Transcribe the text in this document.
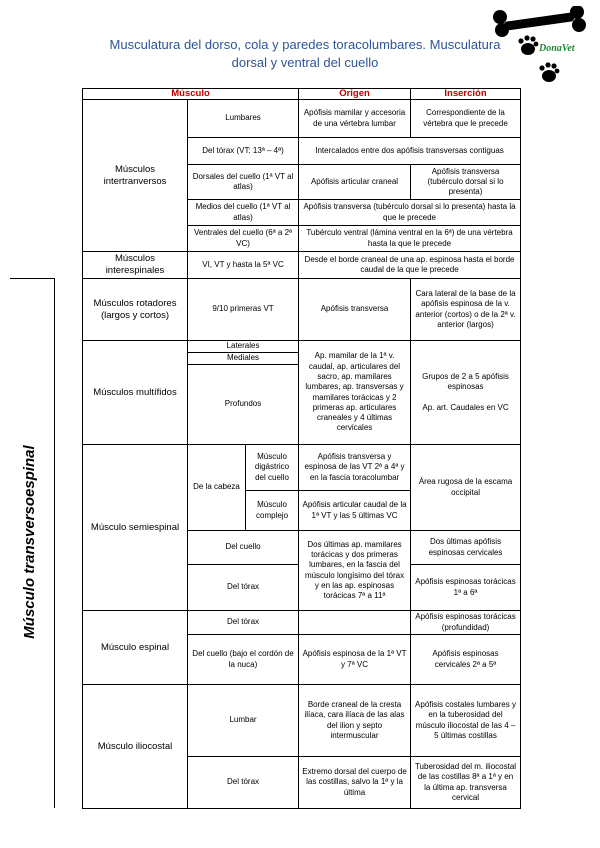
Musculatura del dorso, cola y paredes toracolumbares. Musculatura
dorsal y ventral del cuello
DonaVet
Músculo transversoespinal
Músculo			Origen	Inserción
Músculos intertranversos	Lumbares		Apófisis mamilar y accesoria de una vértebra lumbar	Correspondiente de la vértebra que le precede
	Del tórax (VT: 13ª – 4ª)		Intercalados entre dos apófisis transversas contiguas	
	Dorsales del cuello (1ª VT al atlas)		Apófisis articular craneal	Apófisis transversa (tubérculo dorsal si lo presenta)
	Medios del cuello (1ª VT al atlas)		Apófisis transversa (tubérculo dorsal si lo presenta) hasta la que le precede	
	Ventrales del cuello (6ª a 2ª VC)		Tubérculo ventral (lámina ventral en la 6ª) de una vértebra hasta la que le precede	
Músculos interespinales	VI, VT y hasta la 5ª VC		Desde el borde craneal de una ap. espinosa hasta el borde caudal de la que le precede	
Músculos rotadores (largos y cortos)	9/10 primeras VT		Apófisis transversa	Cara lateral de la base de la apófisis espinosa de la v. anterior (cortos) o de la 2ª v. anterior (largos)
Músculos multífidos	Laterales		Ap. mamilar de la 1ª v. caudal, ap. articulares del sacro, ap. mamilares lumbares, ap. transversas y mamilares torácicas y 2 primeras ap. articulares craneales y 4 últimas cervicales	Grupos de 2 a 5 apófisis espinosas
Ap. art. Caudales en VC

	Mediales			
	Profundos			
Músculo semiespinal	De la cabeza	Músculo digástrico del cuello	Apófisis transversa y espinosa de las VT 2ª a 4ª y en la fascia toracolumbar	Área rugosa de la escama occipital
		Músculo complejo	Apófisis articular caudal de la 1ª VT y las 5 últimas VC	
	Del cuello		Dos últimas ap. mamilares torácicas y dos primeras lumbares, en la fascia del músculo longísimo del tórax y en las ap. espinosas torácicas 7ª a 11ª	Dos últimas apófisis espinosas cervicales
	Del tórax			Apófisis espinosas torácicas 1ª a 6ª
Músculo espinal	Del tórax			Apófisis espinosas torácicas (profundidad)
	Del cuello (bajo el cordón de la nuca)		Apófisis espinosa de la 1ª VT y 7ª VC	Apófisis espinosas cervicales 2ª a 5ª
Músculo iliocostal	Lumbar		Borde craneal de la cresta ilíaca, cara ilíaca de las alas del ilion y septo intermuscular	Apófisis costales lumbares y en la tuberosidad del músculo iliocostal de las 4 – 5 últimas costillas
	Del tórax		Extremo dorsal del cuerpo de las costillas, salvo la 1ª y la última	Tuberosidad del m. iliocostal de las costillas 8ª a 1ª y en la última ap. transversa cervical
